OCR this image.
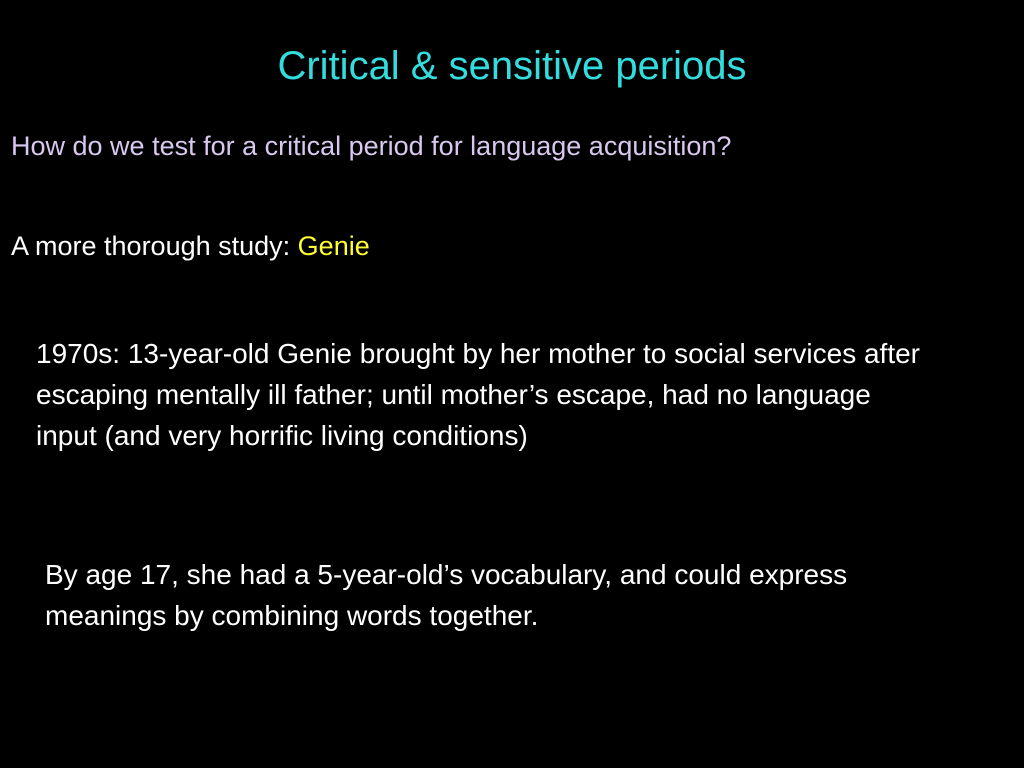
Critical & sensitive periods

How do we test for a critical period for language acquisition?

A more thorough study: Genie

1970s: 13-year-old Genie brought by her mother to social services after escaping mentally ill father; until mother’s escape, had no language input (and very horrific living conditions)

By age 17, she had a 5-year-old’s vocabulary, and could express meanings by combining words together.
